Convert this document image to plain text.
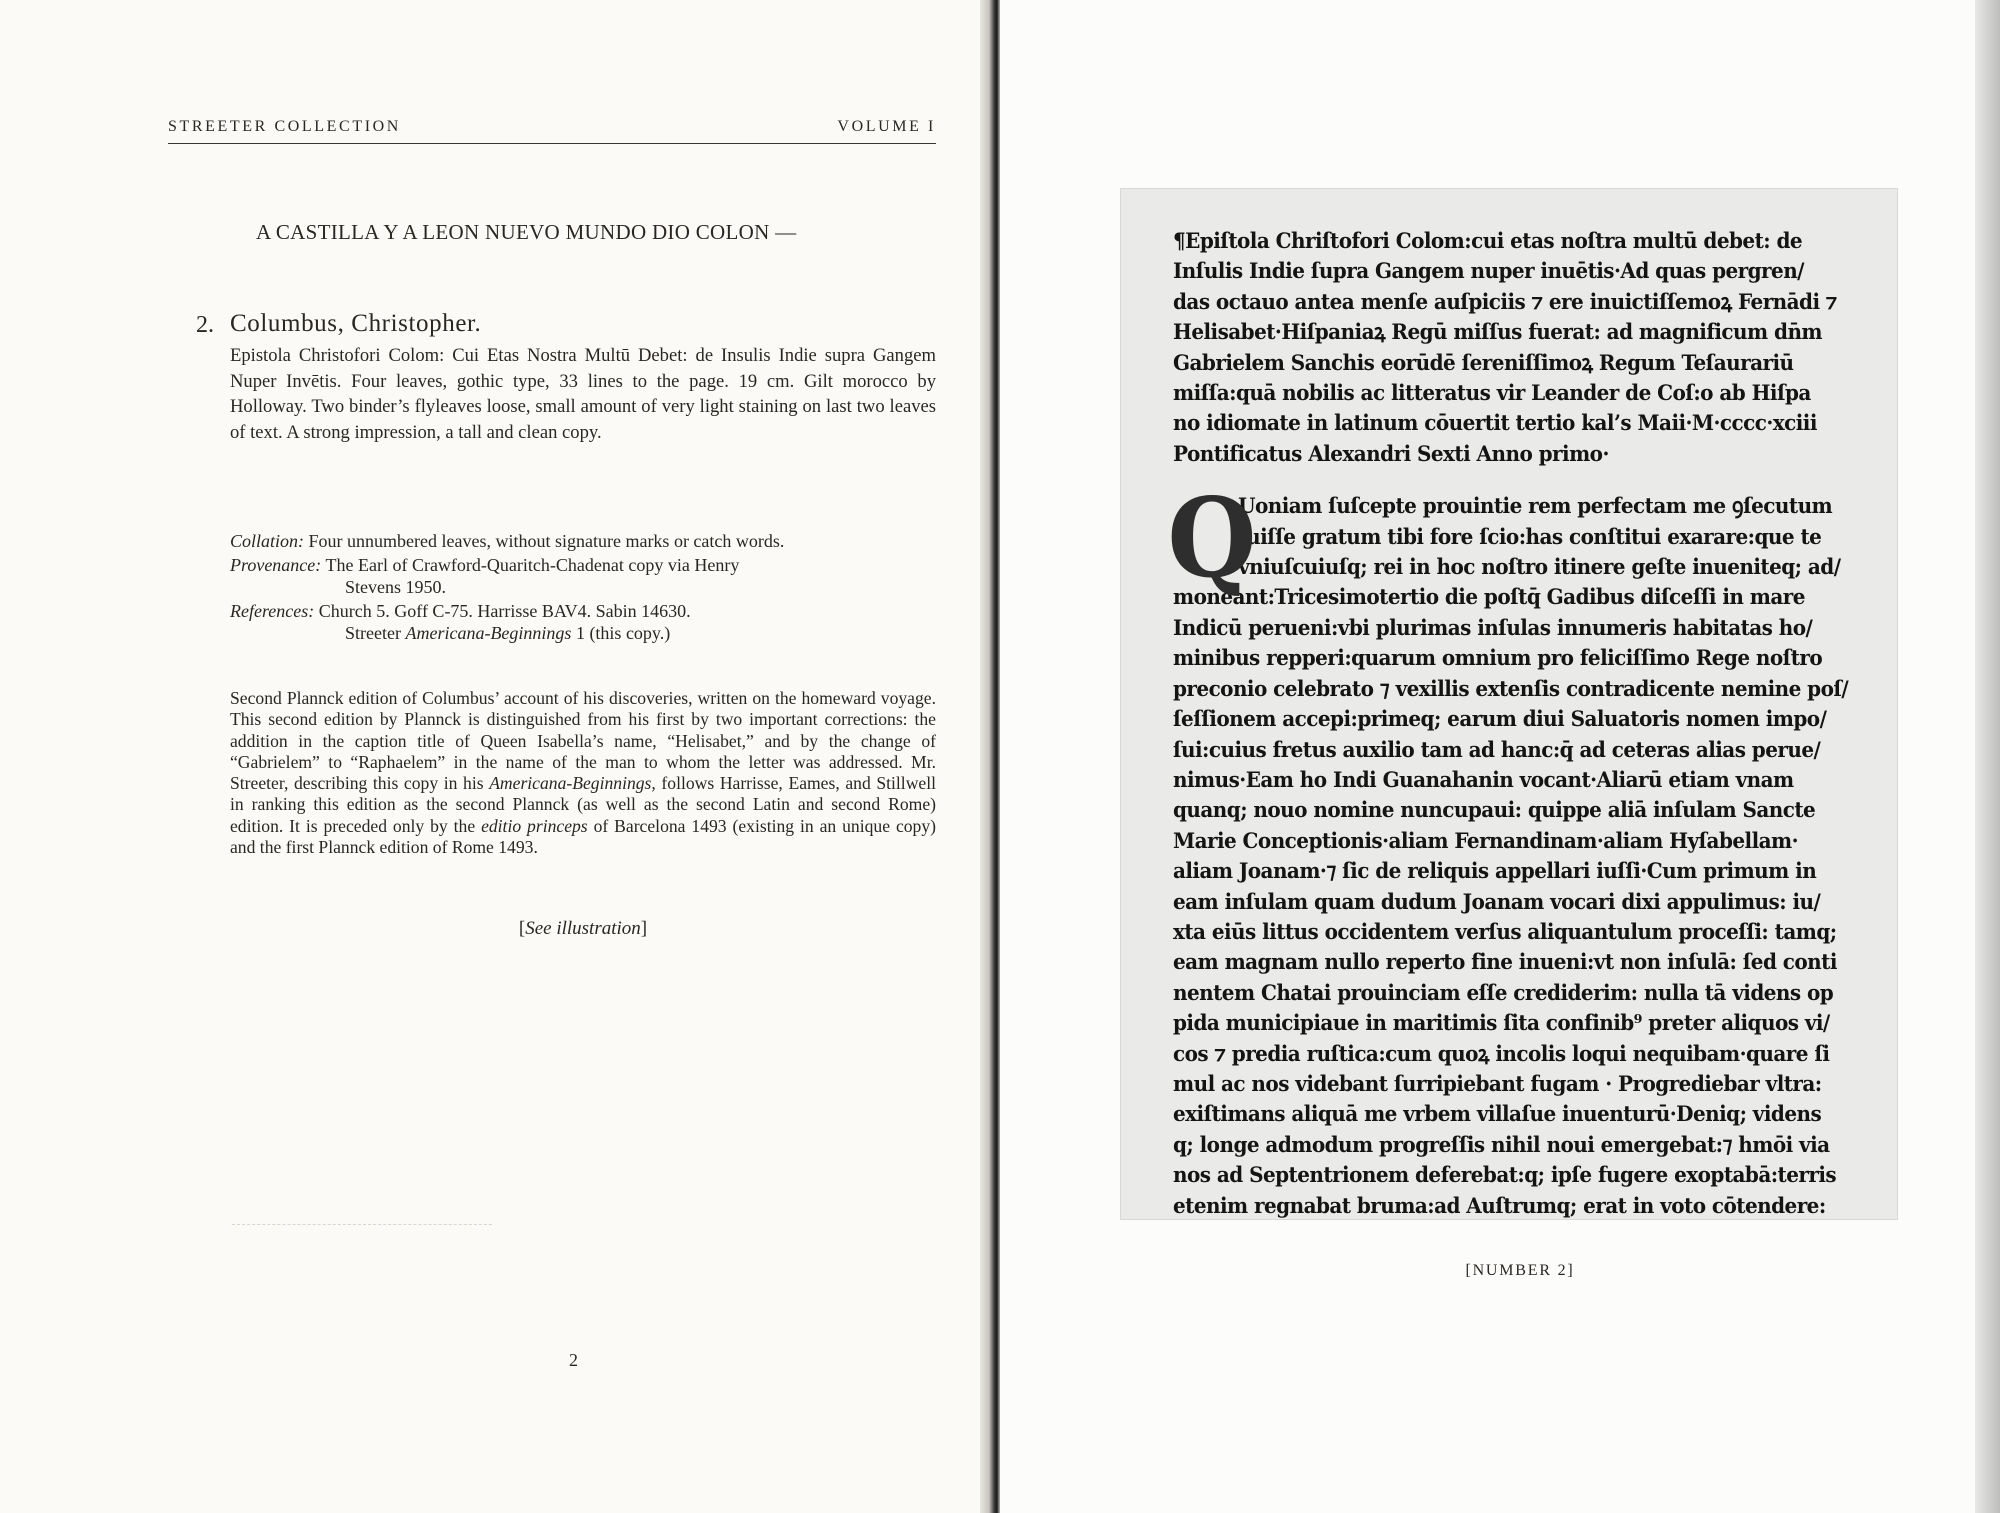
STREETER COLLECTION	VOLUME I
A CASTILLA Y A LEON NUEVO MUNDO DIO COLON —
2. Columbus, Christopher.
Epistola Christofori Colom: Cui Etas Nostra Multū Debet: de Insulis Indie supra Gangem Nuper Invētis. Four leaves, gothic type, 33 lines to the page. 19 cm. Gilt morocco by Holloway. Two binder’s flyleaves loose, small amount of very light staining on last two leaves of text. A strong impression, a tall and clean copy.
Collation: Four unnumbered leaves, without signature marks or catch words.
Provenance: The Earl of Crawford-Quaritch-Chadenat copy via Henry
Stevens 1950.
References: Church 5. Goff C-75. Harrisse BAV4. Sabin 14630.
Streeter Americana-Beginnings 1 (this copy.)
Second Plannck edition of Columbus’ account of his discoveries, written on the homeward voyage. This second edition by Plannck is distinguished from his first by two important corrections: the addition in the caption title of Queen Isabella’s name, “Helisabet,” and by the change of “Gabrielem” to “Raphaelem” in the name of the man to whom the letter was addressed. Mr. Streeter, describing this copy in his Americana-Beginnings, follows Harrisse, Eames, and Stillwell in ranking this edition as the second Plannck (as well as the second Latin and second Rome) edition. It is preceded only by the editio princeps of Barcelona 1493 (existing in an unique copy) and the first Plannck edition of Rome 1493.
[See illustration]
2
¶Epiſtola Chriſtofori Colom:cui etas noſtra multū debet: de
Inſulis Indie ſupra Gangem nuper inuētis·Ad quas pergren/
das octauo antea menſe auſpiciis ⁊ ere inuictiſſemoꝝ Fernādi ⁊
Helisabet·Hiſpaniaꝝ Regū miſſus fuerat: ad magnificum dn̄m
Gabrielem Sanchis eorūdē ſereniſſimoꝝ Regum Teſaurariū
miſſa:quā nobilis ac litteratus vir Leander de Coſ:o ab Hiſpa
no idiomate in latinum cōuertit tertio kal’s Maii·M·cccc·xciii
Pontificatus Alexandri Sexti Anno primo·
Q
Uoniam ſuſcepte prouintie rem perfectam me ꝯſecutum
fuiſſe gratum tibi fore ſcio:has conſtitui exarare:que te
vniuſcuiuſq; rei in hoc noſtro itinere geſte inueniteq; ad/
moneant:Tricesimotertio die poſtq̄ Gadibus diſceſſi in mare
Indicū perueni:vbi plurimas inſulas innumeris habitatas ho/
minibus repperi:quarum omnium pro feliciſſimo Rege noſtro
preconio celebrato ⁊ vexillis extenſis contradicente nemine poſ/
ſeſſionem accepi:primeq; earum diui Saluatoris nomen impo/
ſui:cuius fretus auxilio tam ad hanc:q̄ ad ceteras alias perue/
nimus·Eam ho Indi Guanahanin vocant·Aliarū etiam vnam
quanq; nouo nomine nuncupaui: quippe aliā inſulam Sancte
Marie Conceptionis·aliam Fernandinam·aliam Hyſabellam·
aliam Joanam·⁊ ſic de reliquis appellari iuſſi·Cum primum in
eam inſulam quam dudum Joanam vocari dixi appulimus: iu/
xta eiūs littus occidentem verſus aliquantulum proceſſi: tamq;
eam magnam nullo reperto fine inueni:vt non inſulā: ſed conti
nentem Chatai prouinciam eſſe crediderim: nulla tā videns op
pida municipiaue in maritimis ſita confinib⁹ preter aliquos vi/
cos ⁊ predia ruſtica:cum quoꝝ incolis loqui nequibam·quare ſi
mul ac nos videbant ſurripiebant fugam · Progrediebar vltra:
exiſtimans aliquā me vrbem villaſue inuenturū·Deniq; videns
q; longe admodum progreſſis nihil noui emergebat:⁊ hmōi via
nos ad Septentrionem deferebat:q; ipſe fugere exoptabā:terris
etenim regnabat bruma:ad Auſtrumq; erat in voto cōtendere:
[NUMBER 2]
